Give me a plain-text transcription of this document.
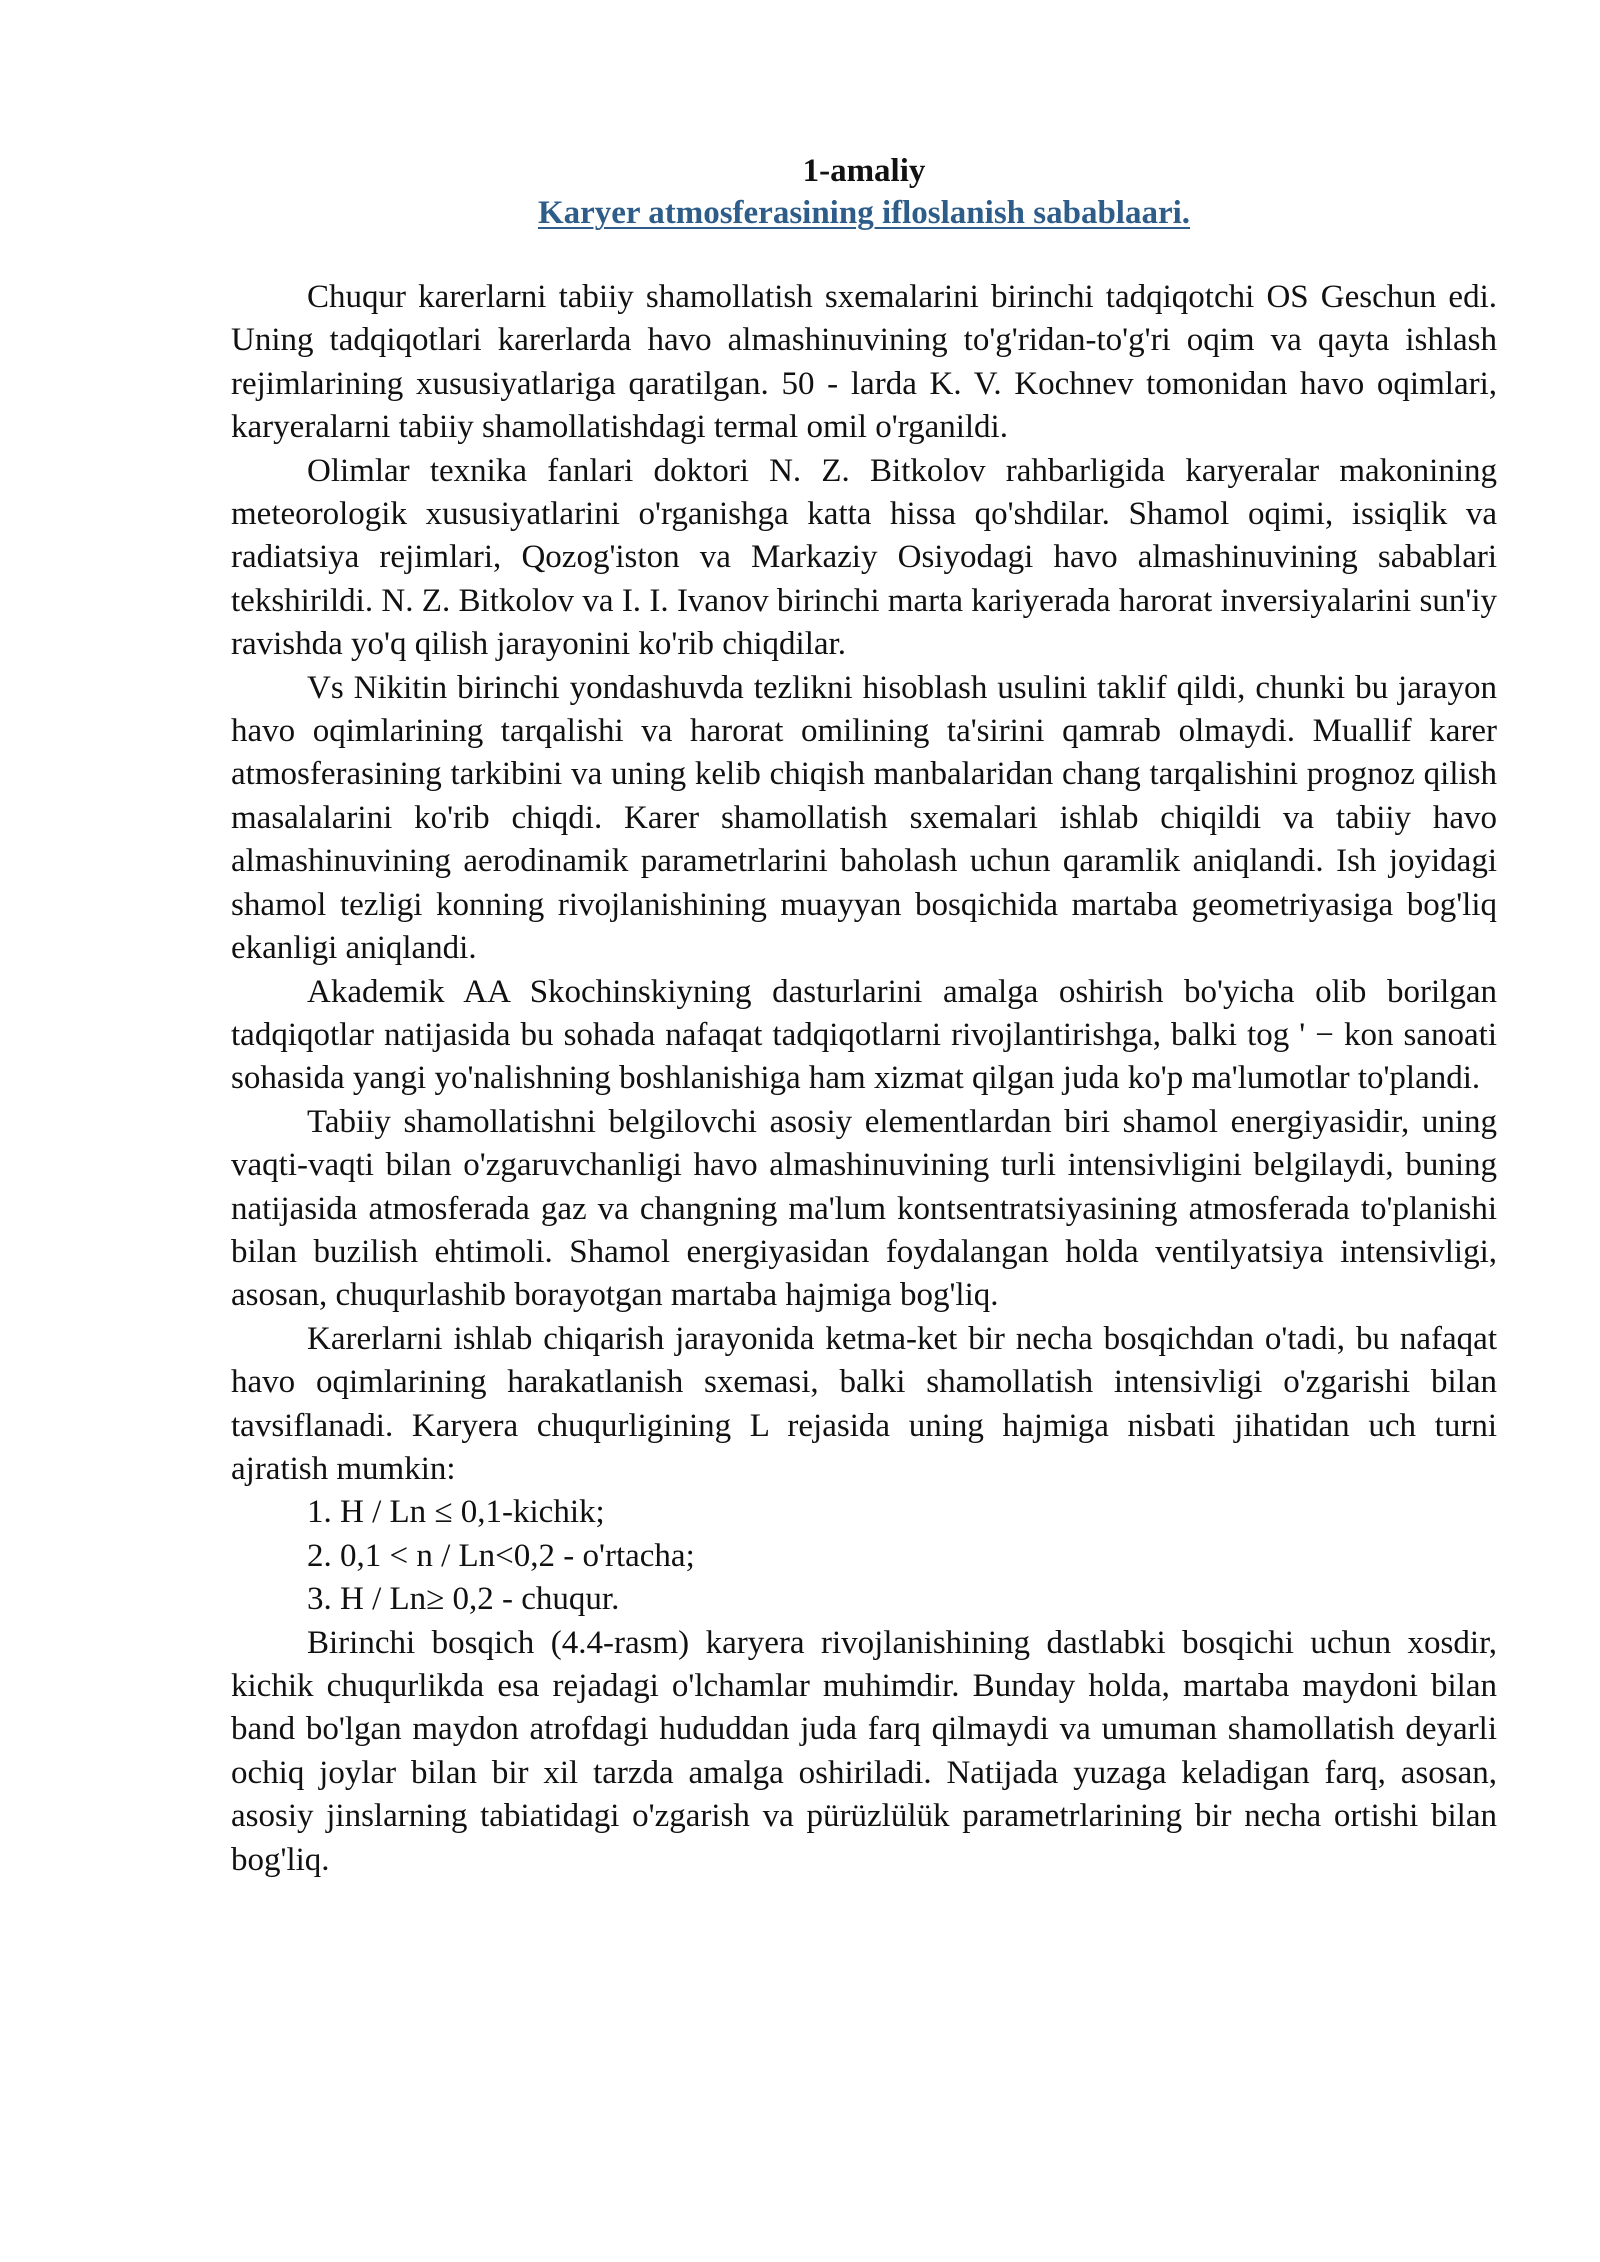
1-amaliy

Karyer atmosferasining ifloslanish sabablaari.

Chuqur karerlarni tabiiy shamollatish sxemalarini birinchi tadqiqotchi OS Geschun edi. Uning tadqiqotlari karerlarda havo almashinuvining to'g'ridan-to'g'ri oqim va qayta ishlash rejimlarining xususiyatlariga qaratilgan. 50 - larda K. V. Kochnev tomonidan havo oqimlari, karyeralarni tabiiy shamollatishdagi termal omil o'rganildi.

Olimlar texnika fanlari doktori N. Z. Bitkolov rahbarligida karyeralar makonining meteorologik xususiyatlarini o'rganishga katta hissa qo'shdilar. Shamol oqimi, issiqlik va radiatsiya rejimlari, Qozog'iston va Markaziy Osiyodagi havo almashinuvining sabablari tekshirildi. N. Z. Bitkolov va I. I. Ivanov birinchi marta kariyerada harorat inversiyalarini sun'iy ravishda yo'q qilish jarayonini ko'rib chiqdilar.

Vs Nikitin birinchi yondashuvda tezlikni hisoblash usulini taklif qildi, chunki bu jarayon havo oqimlarining tarqalishi va harorat omilining ta'sirini qamrab olmaydi. Muallif karer atmosferasining tarkibini va uning kelib chiqish manbalaridan chang tarqalishini prognoz qilish masalalarini ko'rib chiqdi. Karer shamollatish sxemalari ishlab chiqildi va tabiiy havo almashinuvining aerodinamik parametrlarini baholash uchun qaramlik aniqlandi. Ish joyidagi shamol tezligi konning rivojlanishining muayyan bosqichida martaba geometriyasiga bog'liq ekanligi aniqlandi.

Akademik AA Skochinskiyning dasturlarini amalga oshirish bo'yicha olib borilgan tadqiqotlar natijasida bu sohada nafaqat tadqiqotlarni rivojlantirishga, balki tog ' − kon sanoati sohasida yangi yo'nalishning boshlanishiga ham xizmat qilgan juda ko'p ma'lumotlar to'plandi.

Tabiiy shamollatishni belgilovchi asosiy elementlardan biri shamol energiyasidir, uning vaqti-vaqti bilan o'zgaruvchanligi havo almashinuvining turli intensivligini belgilaydi, buning natijasida atmosferada gaz va changning ma'lum kontsentratsiyasining atmosferada to'planishi bilan buzilish ehtimoli. Shamol energiyasidan foydalangan holda ventilyatsiya intensivligi, asosan, chuqurlashib borayotgan martaba hajmiga bog'liq.

Karerlarni ishlab chiqarish jarayonida ketma-ket bir necha bosqichdan o'tadi, bu nafaqat havo oqimlarining harakatlanish sxemasi, balki shamollatish intensivligi o'zgarishi bilan tavsiflanadi. Karyera chuqurligining L rejasida uning hajmiga nisbati jihatidan uch turni ajratish mumkin:

1. H / Ln ≤ 0,1-kichik;

2. 0,1 < n / Ln<0,2 - o'rtacha;

3. H / Ln≥ 0,2 - chuqur.

Birinchi bosqich (4.4-rasm) karyera rivojlanishining dastlabki bosqichi uchun xosdir, kichik chuqurlikda esa rejadagi o'lchamlar muhimdir. Bunday holda, martaba maydoni bilan band bo'lgan maydon atrofdagi hududdan juda farq qilmaydi va umuman shamollatish deyarli ochiq joylar bilan bir xil tarzda amalga oshiriladi. Natijada yuzaga keladigan farq, asosan, asosiy jinslarning tabiatidagi o'zgarish va pürüzlülük parametrlarining bir necha ortishi bilan bog'liq.
